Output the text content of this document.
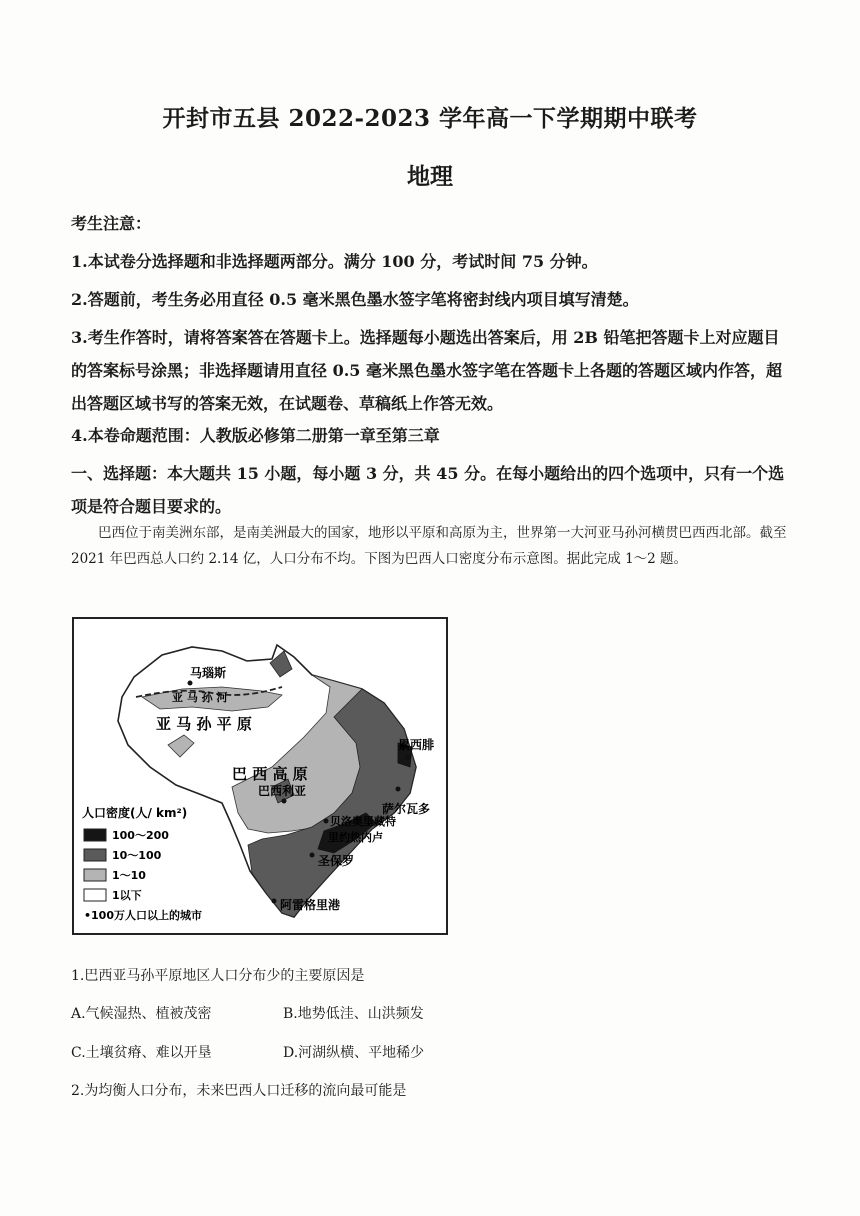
开封市五县 2022-2023 学年高一下学期期中联考
地理
考生注意：
1.本试卷分选择题和非选择题两部分。满分 100 分，考试时间 75 分钟。
2.答题前，考生务必用直径 0.5 毫米黑色墨水签字笔将密封线内项目填写清楚。
3.考生作答时，请将答案答在答题卡上。选择题每小题选出答案后，用 2B 铅笔把答题卡上对应题目的答案标号涂黑；非选择题请用直径 0.5 毫米黑色墨水签字笔在答题卡上各题的答题区域内作答，超出答题区域书写的答案无效，在试题卷、草稿纸上作答无效。
4.本卷命题范围：人教版必修第二册第一章至第三章
一、选择题：本大题共 15 小题，每小题 3 分，共 45 分。在每小题给出的四个选项中，只有一个选项是符合题目要求的。
巴西位于南美洲东部，是南美洲最大的国家，地形以平原和高原为主，世界第一大河亚马孙河横贯巴西西北部。截至 2021 年巴西总人口约 2.14 亿，人口分布不均。下图为巴西人口密度分布示意图。据此完成 1～2 题。
马瑙斯
亚 马 孙 河
亚 马 孙 平 原
巴 西 高 原
累西腓
萨尔瓦多
巴西利亚
贝洛奥里藏特
里约热内卢
圣保罗
阿雷格里港
人口密度(人/ km²)
100～200
10～100
1～10
1以下
•100万人口以上的城市
1.巴西亚马孙平原地区人口分布少的主要原因是
A.气候湿热、植被茂密	B.地势低洼、山洪频发
C.土壤贫瘠、难以开垦	D.河湖纵横、平地稀少
2.为均衡人口分布，未来巴西人口迁移的流向最可能是
